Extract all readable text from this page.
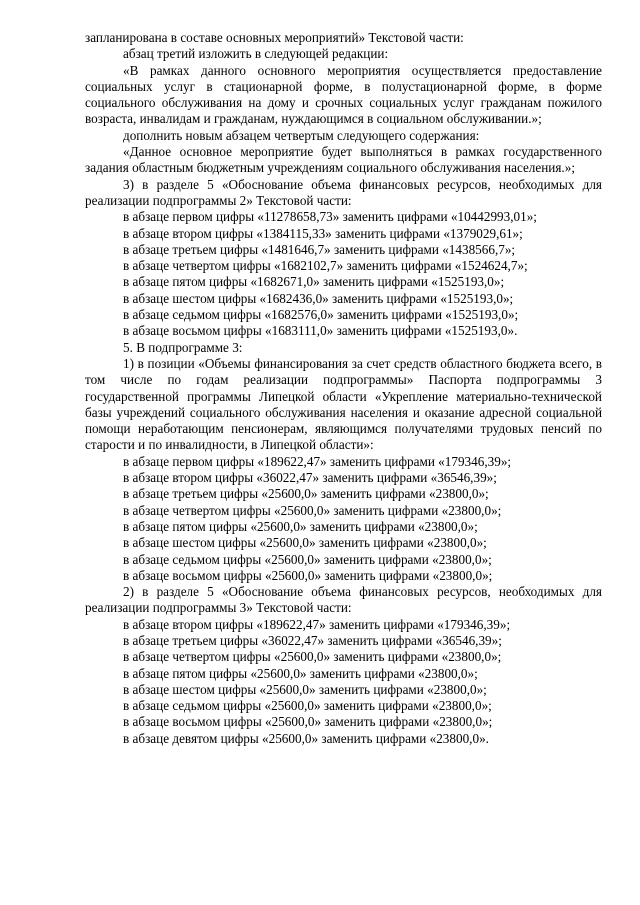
запланирована в составе основных мероприятий» Текстовой части:

абзац третий изложить в следующей редакции:

«В рамках данного основного мероприятия осуществляется предоставление социальных услуг в стационарной форме, в полустационарной форме, в форме социального обслуживания на дому и срочных социальных услуг гражданам пожилого возраста, инвалидам и гражданам, нуждающимся в социальном обслуживании.»;

дополнить новым абзацем четвертым следующего содержания:

«Данное основное мероприятие будет выполняться в рамках государственного задания областным бюджетным учреждениям социального обслуживания населения.»;

3) в разделе 5 «Обоснование объема финансовых ресурсов, необходимых для реализации подпрограммы 2» Текстовой части:

в абзаце первом цифры «11278658,73» заменить цифрами «10442993,01»;

в абзаце втором цифры «1384115,33» заменить цифрами «1379029,61»;

в абзаце третьем цифры «1481646,7» заменить цифрами «1438566,7»;

в абзаце четвертом цифры «1682102,7» заменить цифрами «1524624,7»;

в абзаце пятом цифры «1682671,0» заменить цифрами «1525193,0»;

в абзаце шестом цифры «1682436,0» заменить цифрами «1525193,0»;

в абзаце седьмом цифры «1682576,0» заменить цифрами «1525193,0»;

в абзаце восьмом цифры «1683111,0» заменить цифрами «1525193,0».

5. В подпрограмме 3:

1) в позиции «Объемы финансирования за счет средств областного бюджета всего, в том числе по годам реализации подпрограммы» Паспорта подпрограммы 3 государственной программы Липецкой области «Укрепление материально-технической базы учреждений социального обслуживания населения и оказание адресной социальной помощи неработающим пенсионерам, являющимся получателями трудовых пенсий по старости и по инвалидности, в Липецкой области»:

в абзаце первом цифры «189622,47» заменить цифрами «179346,39»;

в абзаце втором цифры «36022,47» заменить цифрами «36546,39»;

в абзаце третьем цифры «25600,0» заменить цифрами «23800,0»;

в абзаце четвертом цифры «25600,0» заменить цифрами «23800,0»;

в абзаце пятом цифры «25600,0» заменить цифрами «23800,0»;

в абзаце шестом цифры «25600,0» заменить цифрами «23800,0»;

в абзаце седьмом цифры «25600,0» заменить цифрами «23800,0»;

в абзаце восьмом цифры «25600,0» заменить цифрами «23800,0»;

2) в разделе 5 «Обоснование объема финансовых ресурсов, необходимых для реализации подпрограммы 3» Текстовой части:

в абзаце втором цифры «189622,47» заменить цифрами «179346,39»;

в абзаце третьем цифры «36022,47» заменить цифрами «36546,39»;

в абзаце четвертом цифры «25600,0» заменить цифрами «23800,0»;

в абзаце пятом цифры «25600,0» заменить цифрами «23800,0»;

в абзаце шестом цифры «25600,0» заменить цифрами «23800,0»;

в абзаце седьмом цифры «25600,0» заменить цифрами «23800,0»;

в абзаце восьмом цифры «25600,0» заменить цифрами «23800,0»;

в абзаце девятом цифры «25600,0» заменить цифрами «23800,0».
